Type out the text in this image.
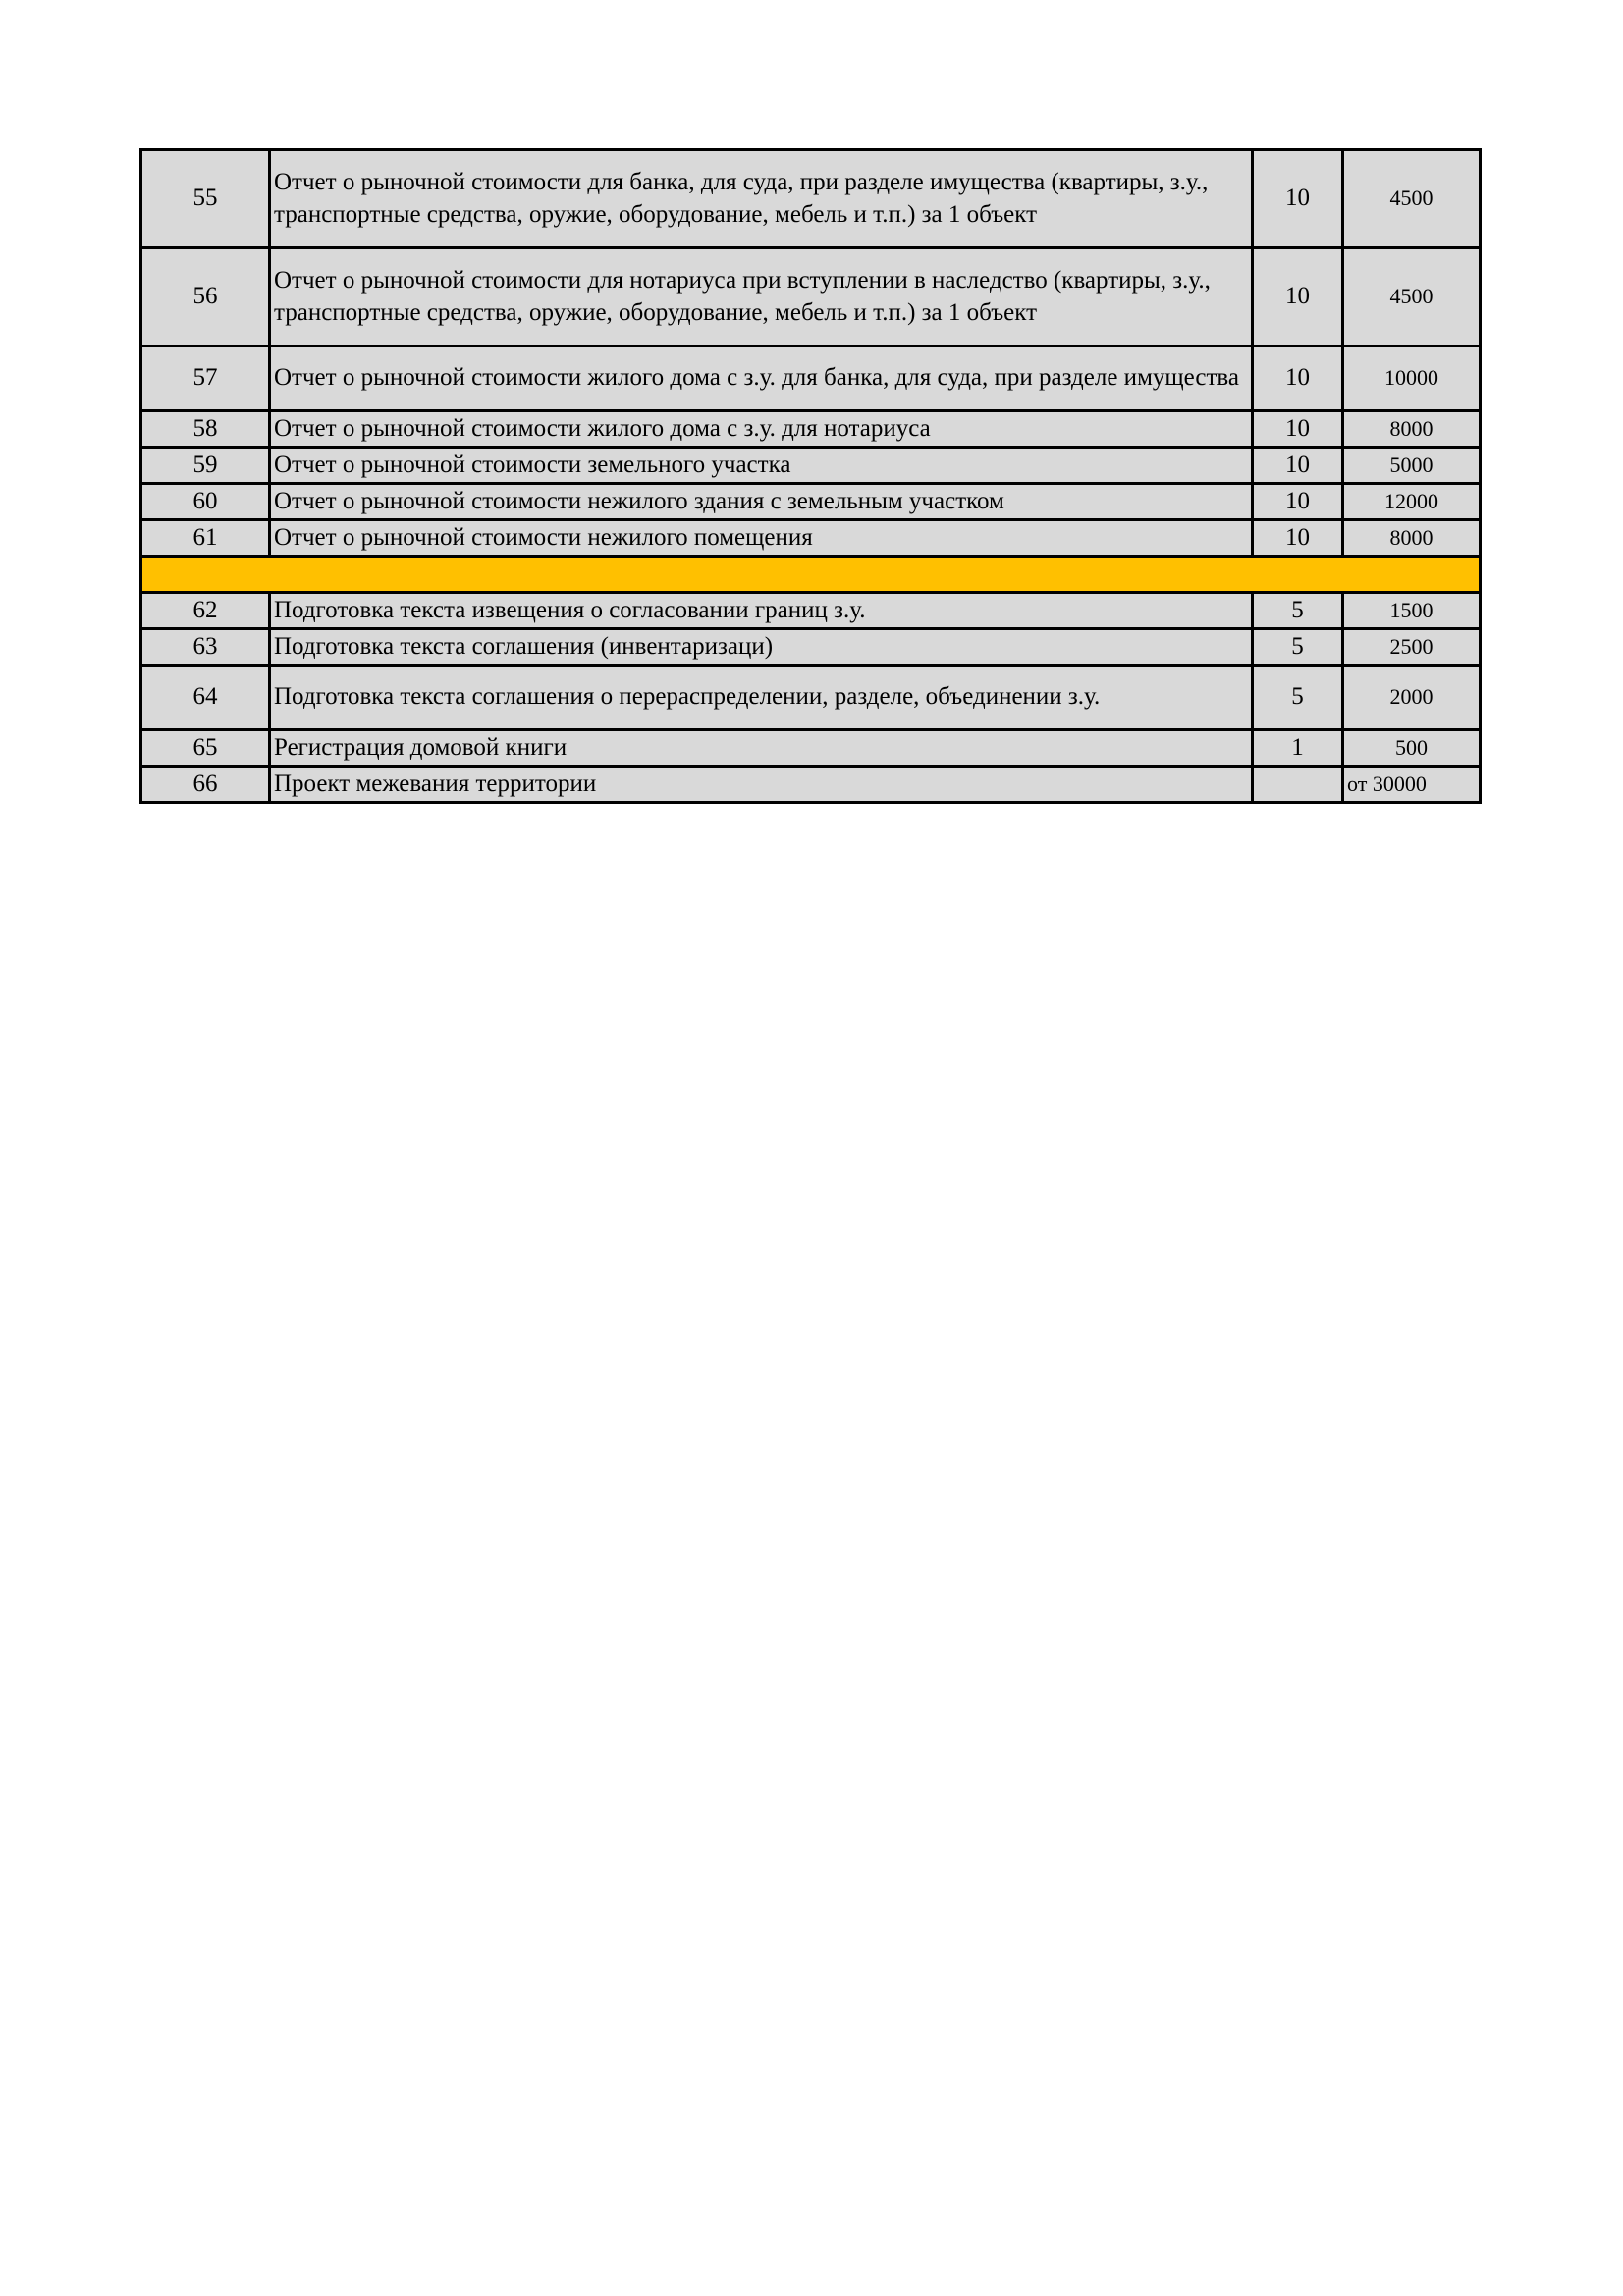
55	Отчет о рыночной стоимости для банка, для суда, при разделе имущества (квартиры, з.у., транспортные средства, оружие, оборудование, мебель и т.п.) за 1 объект	10	4500
56	Отчет о рыночной стоимости для нотариуса при вступлении в наследство (квартиры, з.у., транспортные средства, оружие, оборудование, мебель и т.п.) за 1 объект	10	4500
57	Отчет о рыночной стоимости жилого дома с з.у. для банка, для суда, при разделе имущества	10	10000
58	Отчет о рыночной стоимости жилого дома с з.у. для нотариуса	10	8000
59	Отчет о рыночной стоимости земельного участка	10	5000
60	Отчет о рыночной стоимости нежилого здания с земельным участком	10	12000
61	Отчет о рыночной стоимости нежилого помещения	10	8000

62	Подготовка текста извещения о согласовании границ з.у.	5	1500
63	Подготовка текста соглашения (инвентаризаци)	5	2500
64	Подготовка текста соглашения о перераспределении, разделе, объединении з.у.	5	2000
65	Регистрация домовой книги	1	500
66	Проект межевания территории		от 30000
